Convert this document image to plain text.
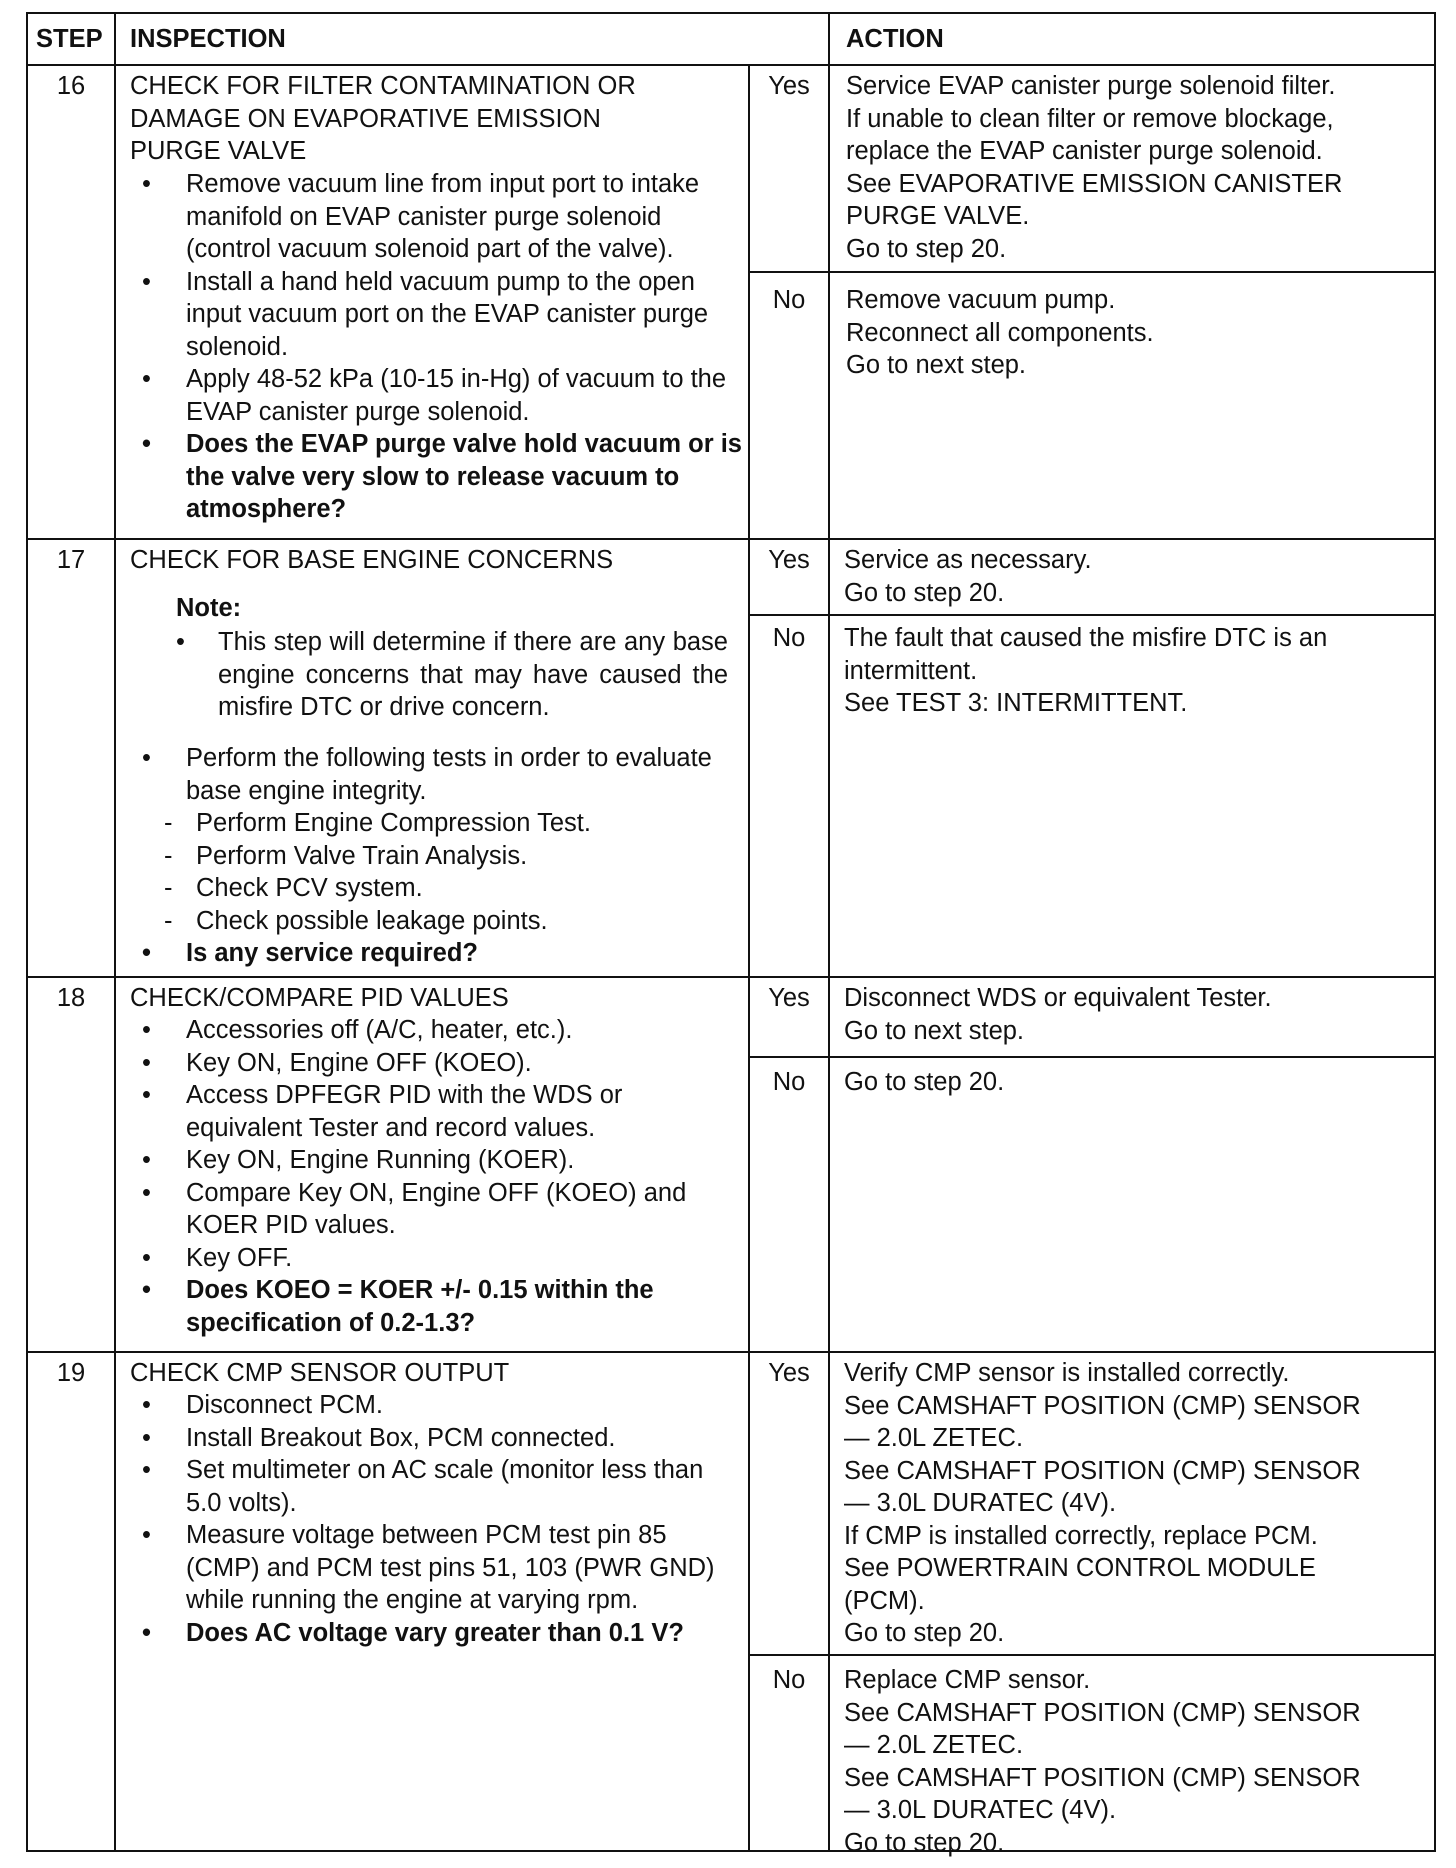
STEP INSPECTION	ACTION
16	CHECK FOR FILTER CONTAMINATION OR
DAMAGE ON EVAPORATIVE EMISSION
PURGE VALVE
• Remove vacuum line from input port to intake manifold on EVAP canister purge solenoid (control vacuum solenoid part of the valve).
• Install a hand held vacuum pump to the open input vacuum port on the EVAP canister purge solenoid.
• Apply 48-52 kPa (10-15 in-Hg) of vacuum to the EVAP canister purge solenoid.
• Does the EVAP purge valve hold vacuum or is the valve very slow to release vacuum to atmosphere?
Yes	Service EVAP canister purge solenoid filter.
If unable to clean filter or remove blockage,
replace the EVAP canister purge solenoid.
See EVAPORATIVE EMISSION CANISTER
PURGE VALVE.
Go to step 20.
No	Remove vacuum pump.
Reconnect all components.
Go to next step.
17	CHECK FOR BASE ENGINE CONCERNS
Note:
• This step will determine if there are any base engine concerns that may have caused the misfire DTC or drive concern.
• Perform the following tests in order to evaluate base engine integrity.
- Perform Engine Compression Test.
- Perform Valve Train Analysis.
- Check PCV system.
- Check possible leakage points.
• Is any service required?
Yes	Service as necessary.
Go to step 20.
No	The fault that caused the misfire DTC is an
intermittent.
See TEST 3: INTERMITTENT.
18	CHECK/COMPARE PID VALUES
• Accessories off (A/C, heater, etc.).
• Key ON, Engine OFF (KOEO).
• Access DPFEGR PID with the WDS or equivalent Tester and record values.
• Key ON, Engine Running (KOER).
• Compare Key ON, Engine OFF (KOEO) and KOER PID values.
• Key OFF.
• Does KOEO = KOER +/- 0.15 within the specification of 0.2-1.3?
Yes	Disconnect WDS or equivalent Tester.
Go to next step.
No	Go to step 20.
19	CHECK CMP SENSOR OUTPUT
• Disconnect PCM.
• Install Breakout Box, PCM connected.
• Set multimeter on AC scale (monitor less than 5.0 volts).
• Measure voltage between PCM test pin 85 (CMP) and PCM test pins 51, 103 (PWR GND) while running the engine at varying rpm.
• Does AC voltage vary greater than 0.1 V?
Yes	Verify CMP sensor is installed correctly.
See CAMSHAFT POSITION (CMP) SENSOR
— 2.0L ZETEC.
See CAMSHAFT POSITION (CMP) SENSOR
— 3.0L DURATEC (4V).
If CMP is installed correctly, replace PCM.
See POWERTRAIN CONTROL MODULE
(PCM).
Go to step 20.
No	Replace CMP sensor.
See CAMSHAFT POSITION (CMP) SENSOR
— 2.0L ZETEC.
See CAMSHAFT POSITION (CMP) SENSOR
— 3.0L DURATEC (4V).
Go to step 20.
